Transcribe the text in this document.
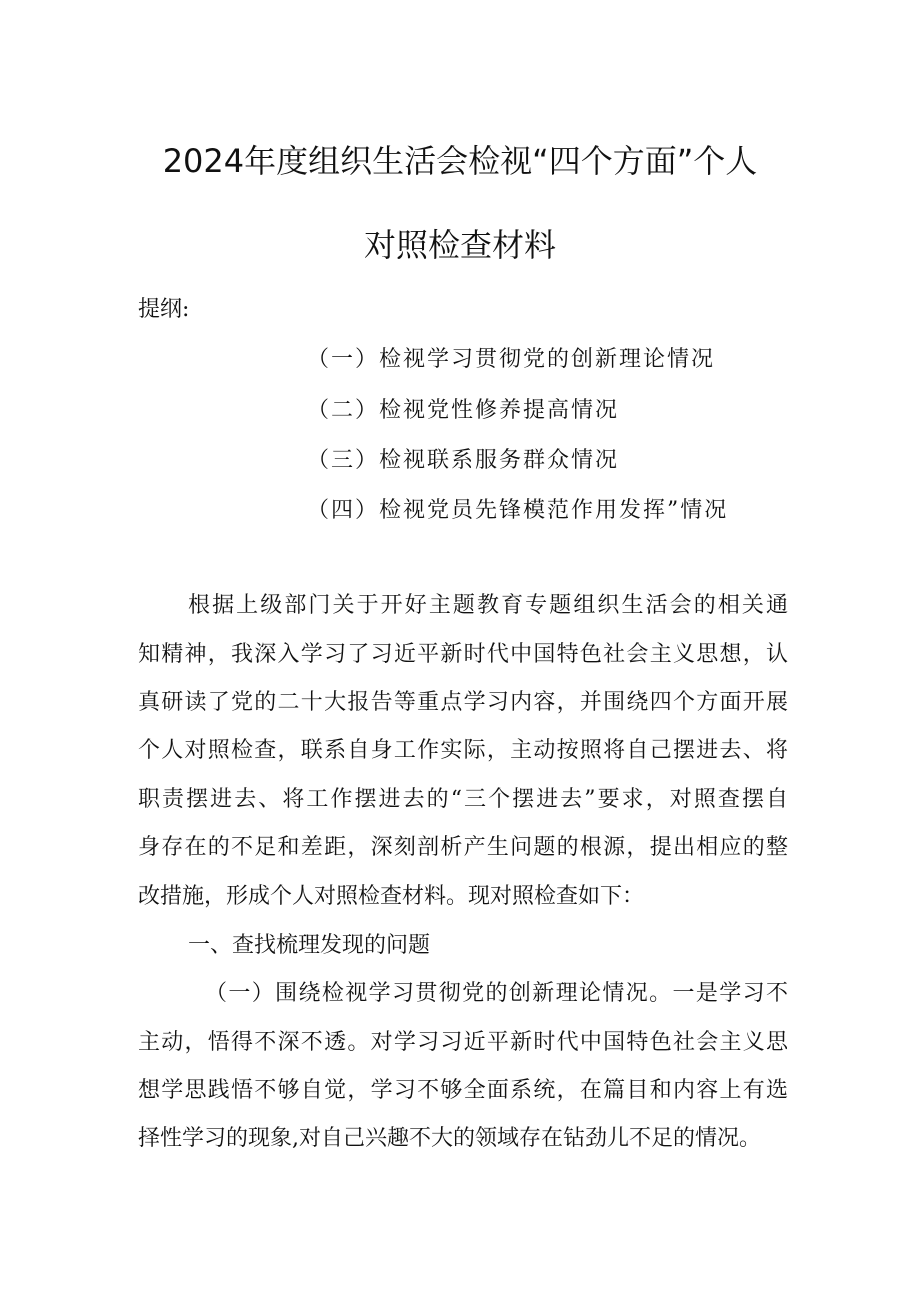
2024年度组织生活会检视“四个方面”个人
对照检查材料
提纲:
（一）检视学习贯彻党的创新理论情况
（二）检视党性修养提高情况
（三）检视联系服务群众情况
（四）检视党员先锋模范作用发挥”情况
根据上级部门关于开好主题教育专题组织生活会的相关通
知精神，我深入学习了习近平新时代中国特色社会主义思想，认
真研读了党的二十大报告等重点学习内容，并围绕四个方面开展
个人对照检查，联系自身工作实际，主动按照将自己摆进去、将
职责摆进去、将工作摆进去的“三个摆进去”要求，对照查摆自
身存在的不足和差距，深刻剖析产生问题的根源，提出相应的整
改措施，形成个人对照检查材料。现对照检查如下：
一、查找梳理发现的问题
（一）围绕检视学习贯彻党的创新理论情况。一是学习不
主动，悟得不深不透。对学习习近平新时代中国特色社会主义思
想学思践悟不够自觉，学习不够全面系统，在篇目和内容上有选
择性学习的现象,对自己兴趣不大的领域存在钻劲儿不足的情况。
